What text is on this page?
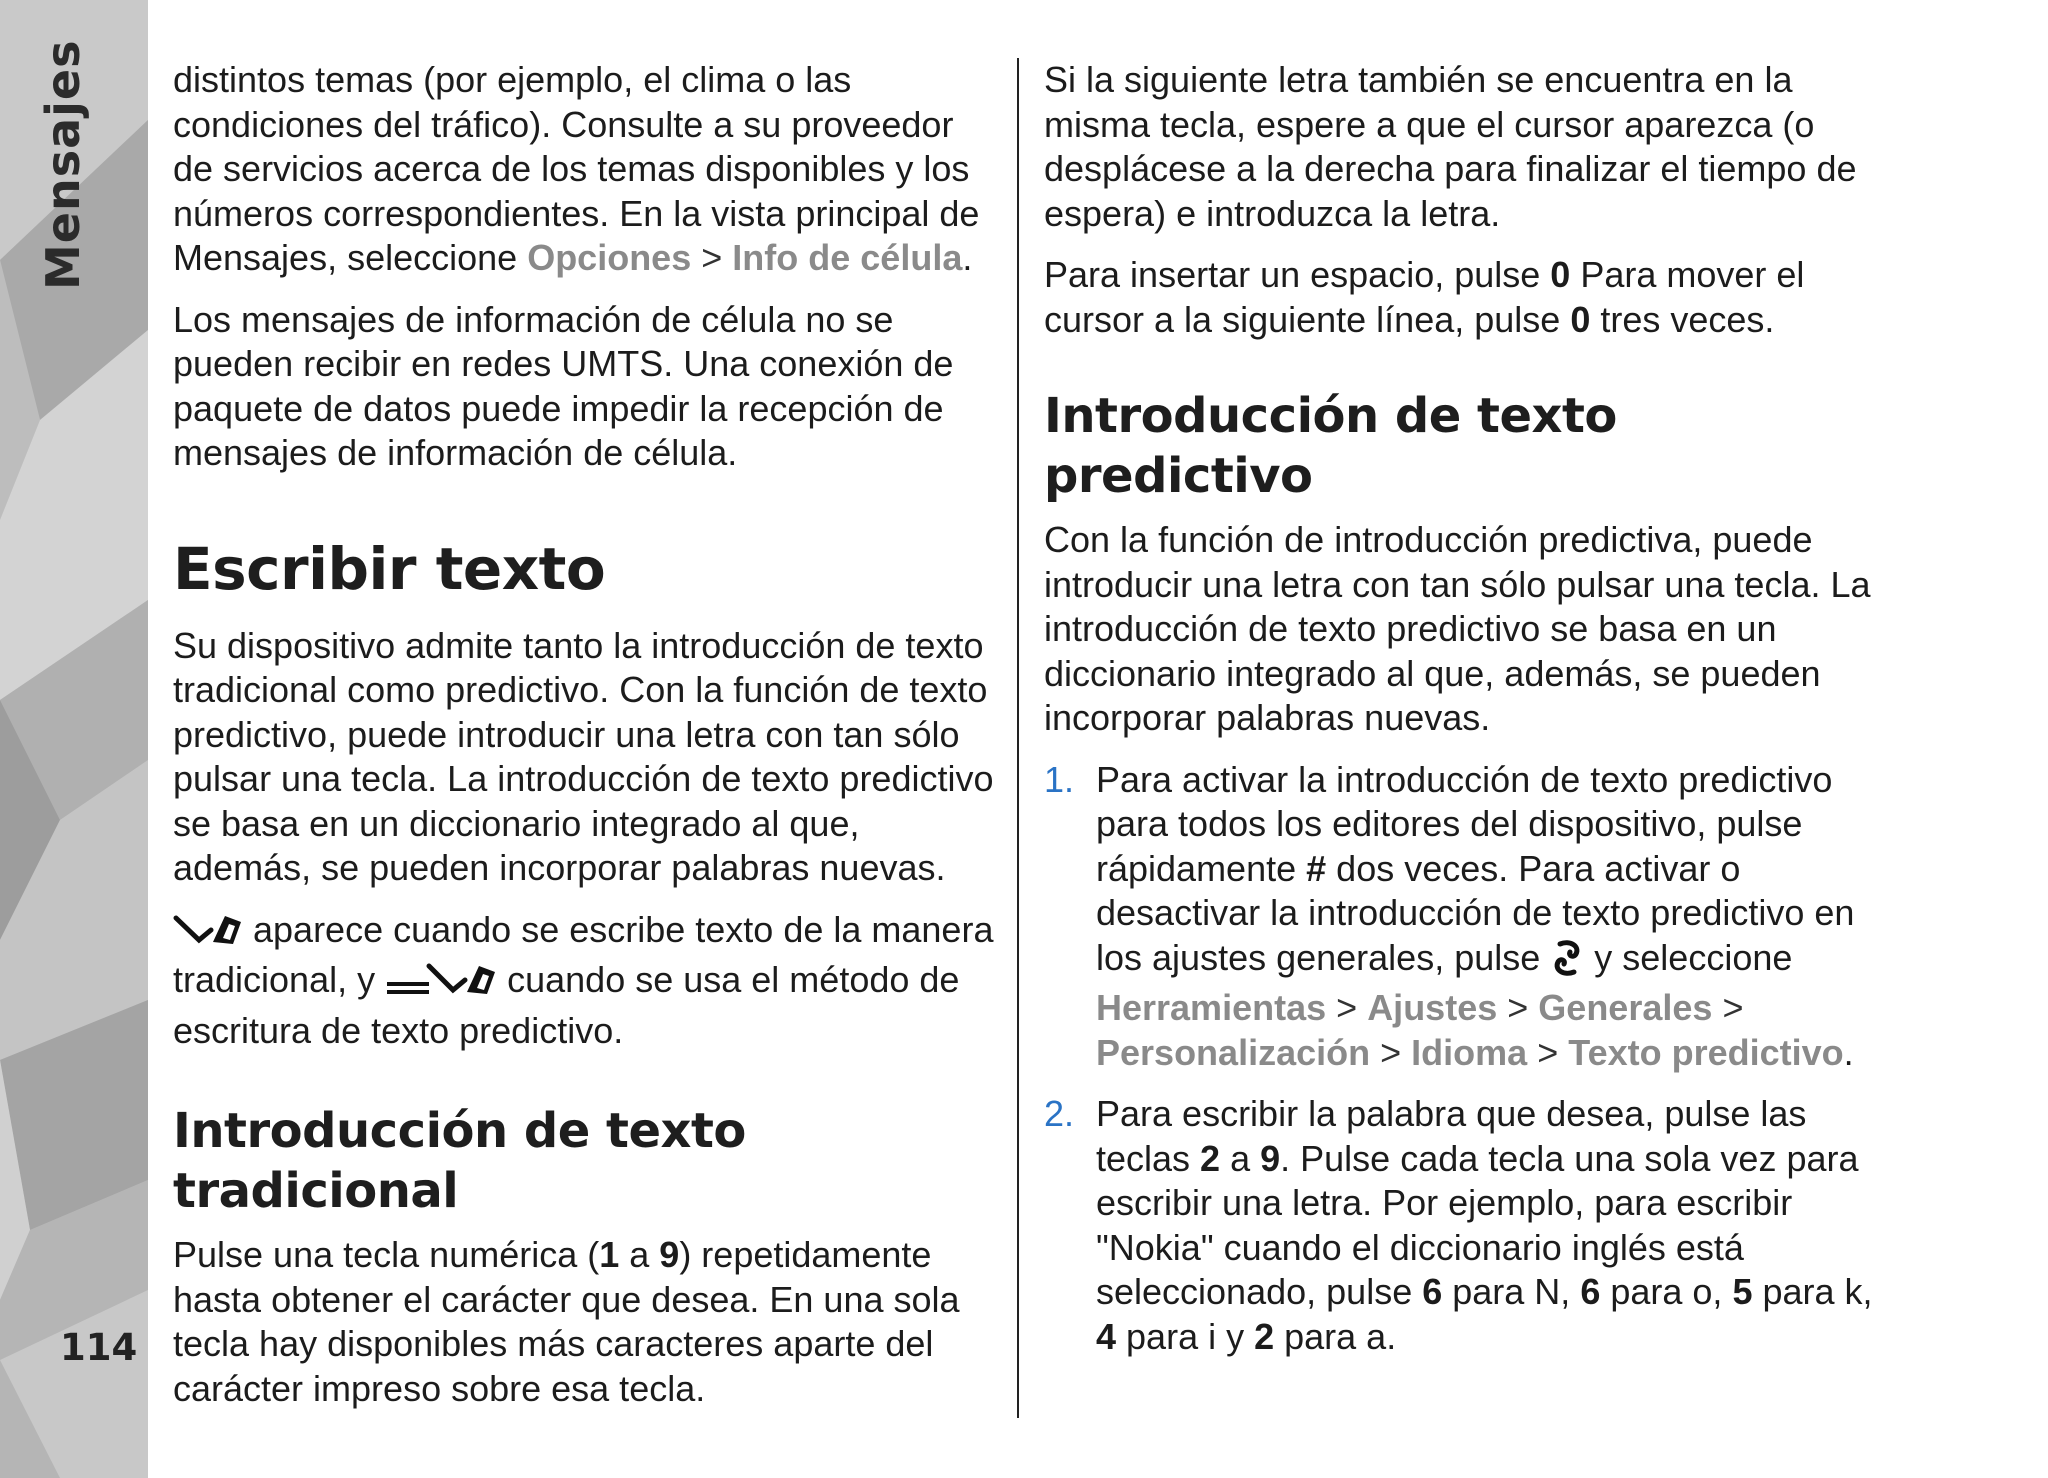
Mensajes
114

distintos temas (por ejemplo, el clima o las condiciones del tráfico). Consulte a su proveedor de servicios acerca de los temas disponibles y los números correspondientes. En la vista principal de Mensajes, seleccione Opciones > Info de célula.

Los mensajes de información de célula no se pueden recibir en redes UMTS. Una conexión de paquete de datos puede impedir la recepción de mensajes de información de célula.

Escribir texto

Su dispositivo admite tanto la introducción de texto tradicional como predictivo. Con la función de texto predictivo, puede introducir una letra con tan sólo pulsar una tecla. La introducción de texto predictivo se basa en un diccionario integrado al que, además, se pueden incorporar palabras nuevas.

aparece cuando se escribe texto de la manera tradicional, y	cuando se usa el método de escritura de texto predictivo.

Introducción de texto tradicional

Pulse una tecla numérica (1 a 9) repetidamente hasta obtener el carácter que desea. En una sola tecla hay disponibles más caracteres aparte del carácter impreso sobre esa tecla.

Si la siguiente letra también se encuentra en la misma tecla, espere a que el cursor aparezca (o desplácese a la derecha para finalizar el tiempo de espera) e introduzca la letra.

Para insertar un espacio, pulse 0 Para mover el cursor a la siguiente línea, pulse 0 tres veces.

Introducción de texto predictivo

Con la función de introducción predictiva, puede introducir una letra con tan sólo pulsar una tecla. La introducción de texto predictivo se basa en un diccionario integrado al que, además, se pueden incorporar palabras nuevas.

1. Para activar la introducción de texto predictivo para todos los editores del dispositivo, pulse rápidamente # dos veces. Para activar o desactivar la introducción de texto predictivo en los ajustes generales, pulse  y seleccione Herramientas > Ajustes > Generales > Personalización > Idioma > Texto predictivo.
2. Para escribir la palabra que desea, pulse las teclas 2 a 9. Pulse cada tecla una sola vez para escribir una letra. Por ejemplo, para escribir "Nokia" cuando el diccionario inglés está seleccionado, pulse 6 para N, 6 para o, 5 para k, 4 para i y 2 para a.
